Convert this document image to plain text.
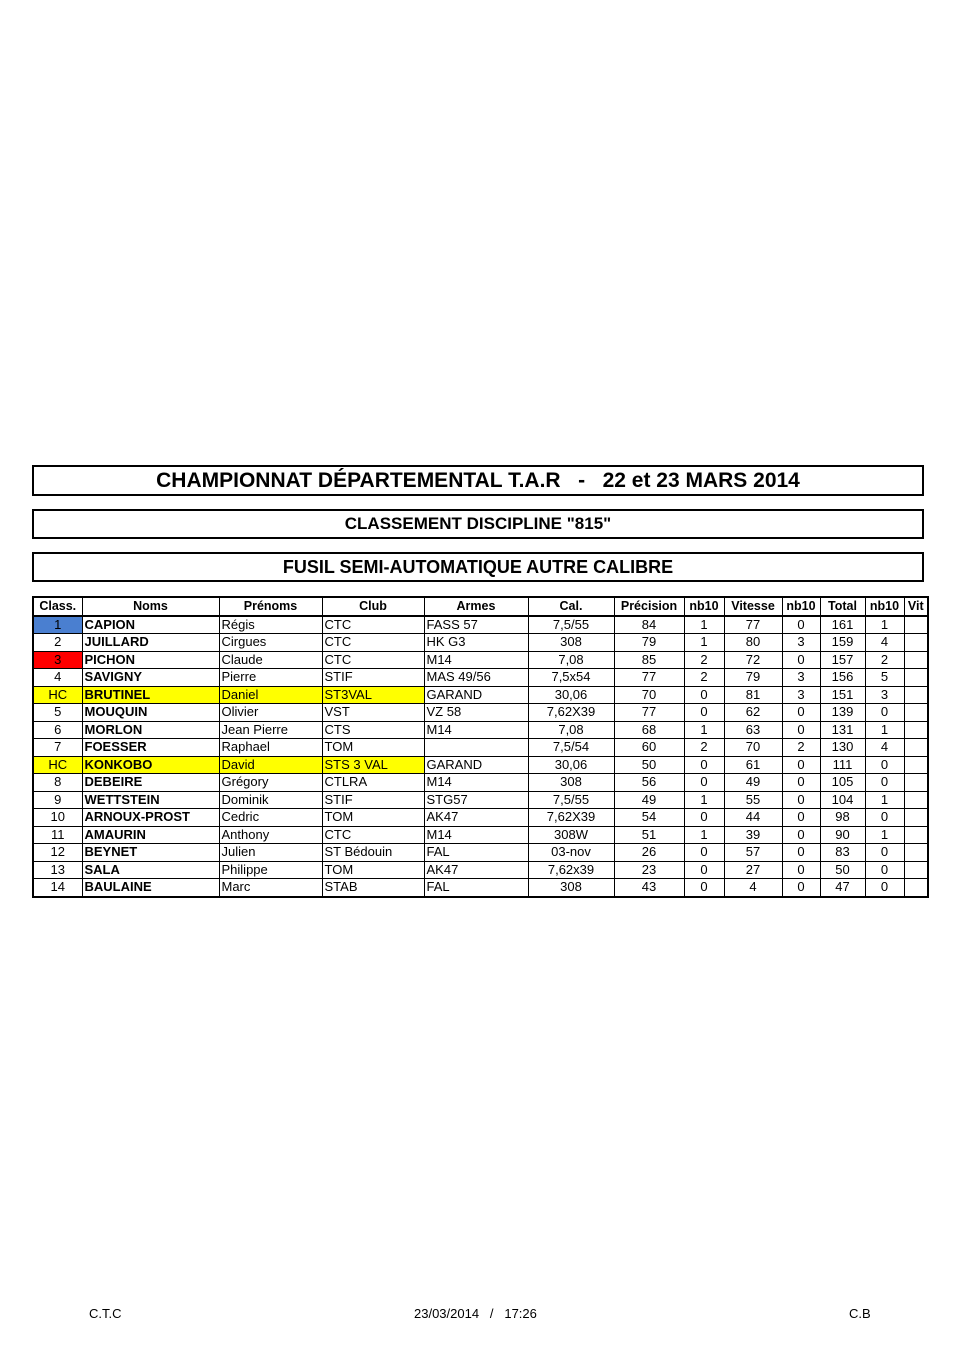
CHAMPIONNAT DÉPARTEMENTAL T.A.R   -   22 et 23 MARS 2014
CLASSEMENT DISCIPLINE "815"
FUSIL SEMI-AUTOMATIQUE AUTRE CALIBRE
Class.	Noms	Prénoms	Club	Armes	Cal.	Précision	nb10	Vitesse	nb10	Total	nb10	Vit
1	CAPION	Régis	CTC	FASS 57	7,5/55	84	1	77	0	161	1	
2	JUILLARD	Cirgues	CTC	HK G3	308	79	1	80	3	159	4	
3	PICHON	Claude	CTC	M14	7,08	85	2	72	0	157	2	
4	SAVIGNY	Pierre	STIF	MAS 49/56	7,5x54	77	2	79	3	156	5	
HC	BRUTINEL	Daniel	ST3VAL	GARAND	30,06	70	0	81	3	151	3	
5	MOUQUIN	Olivier	VST	VZ 58	7,62X39	77	0	62	0	139	0	
6	MORLON	Jean Pierre	CTS	M14	7,08	68	1	63	0	131	1	
7	FOESSER	Raphael	TOM		7,5/54	60	2	70	2	130	4	
HC	KONKOBO	David	STS 3 VAL	GARAND	30,06	50	0	61	0	111	0	
8	DEBEIRE	Grégory	CTLRA	M14	308	56	0	49	0	105	0	
9	WETTSTEIN	Dominik	STIF	STG57	7,5/55	49	1	55	0	104	1	
10	ARNOUX-PROST	Cedric	TOM	AK47	7,62X39	54	0	44	0	98	0	
11	AMAURIN	Anthony	CTC	M14	308W	51	1	39	0	90	1	
12	BEYNET	Julien	ST Bédouin	FAL	03-nov	26	0	57	0	83	0	
13	SALA	Philippe	TOM	AK47	7,62x39	23	0	27	0	50	0	
14	BAULAINE	Marc	STAB	FAL	308	43	0	4	0	47	0	
C.T.C	23/03/2014   /   17:26	C.B
